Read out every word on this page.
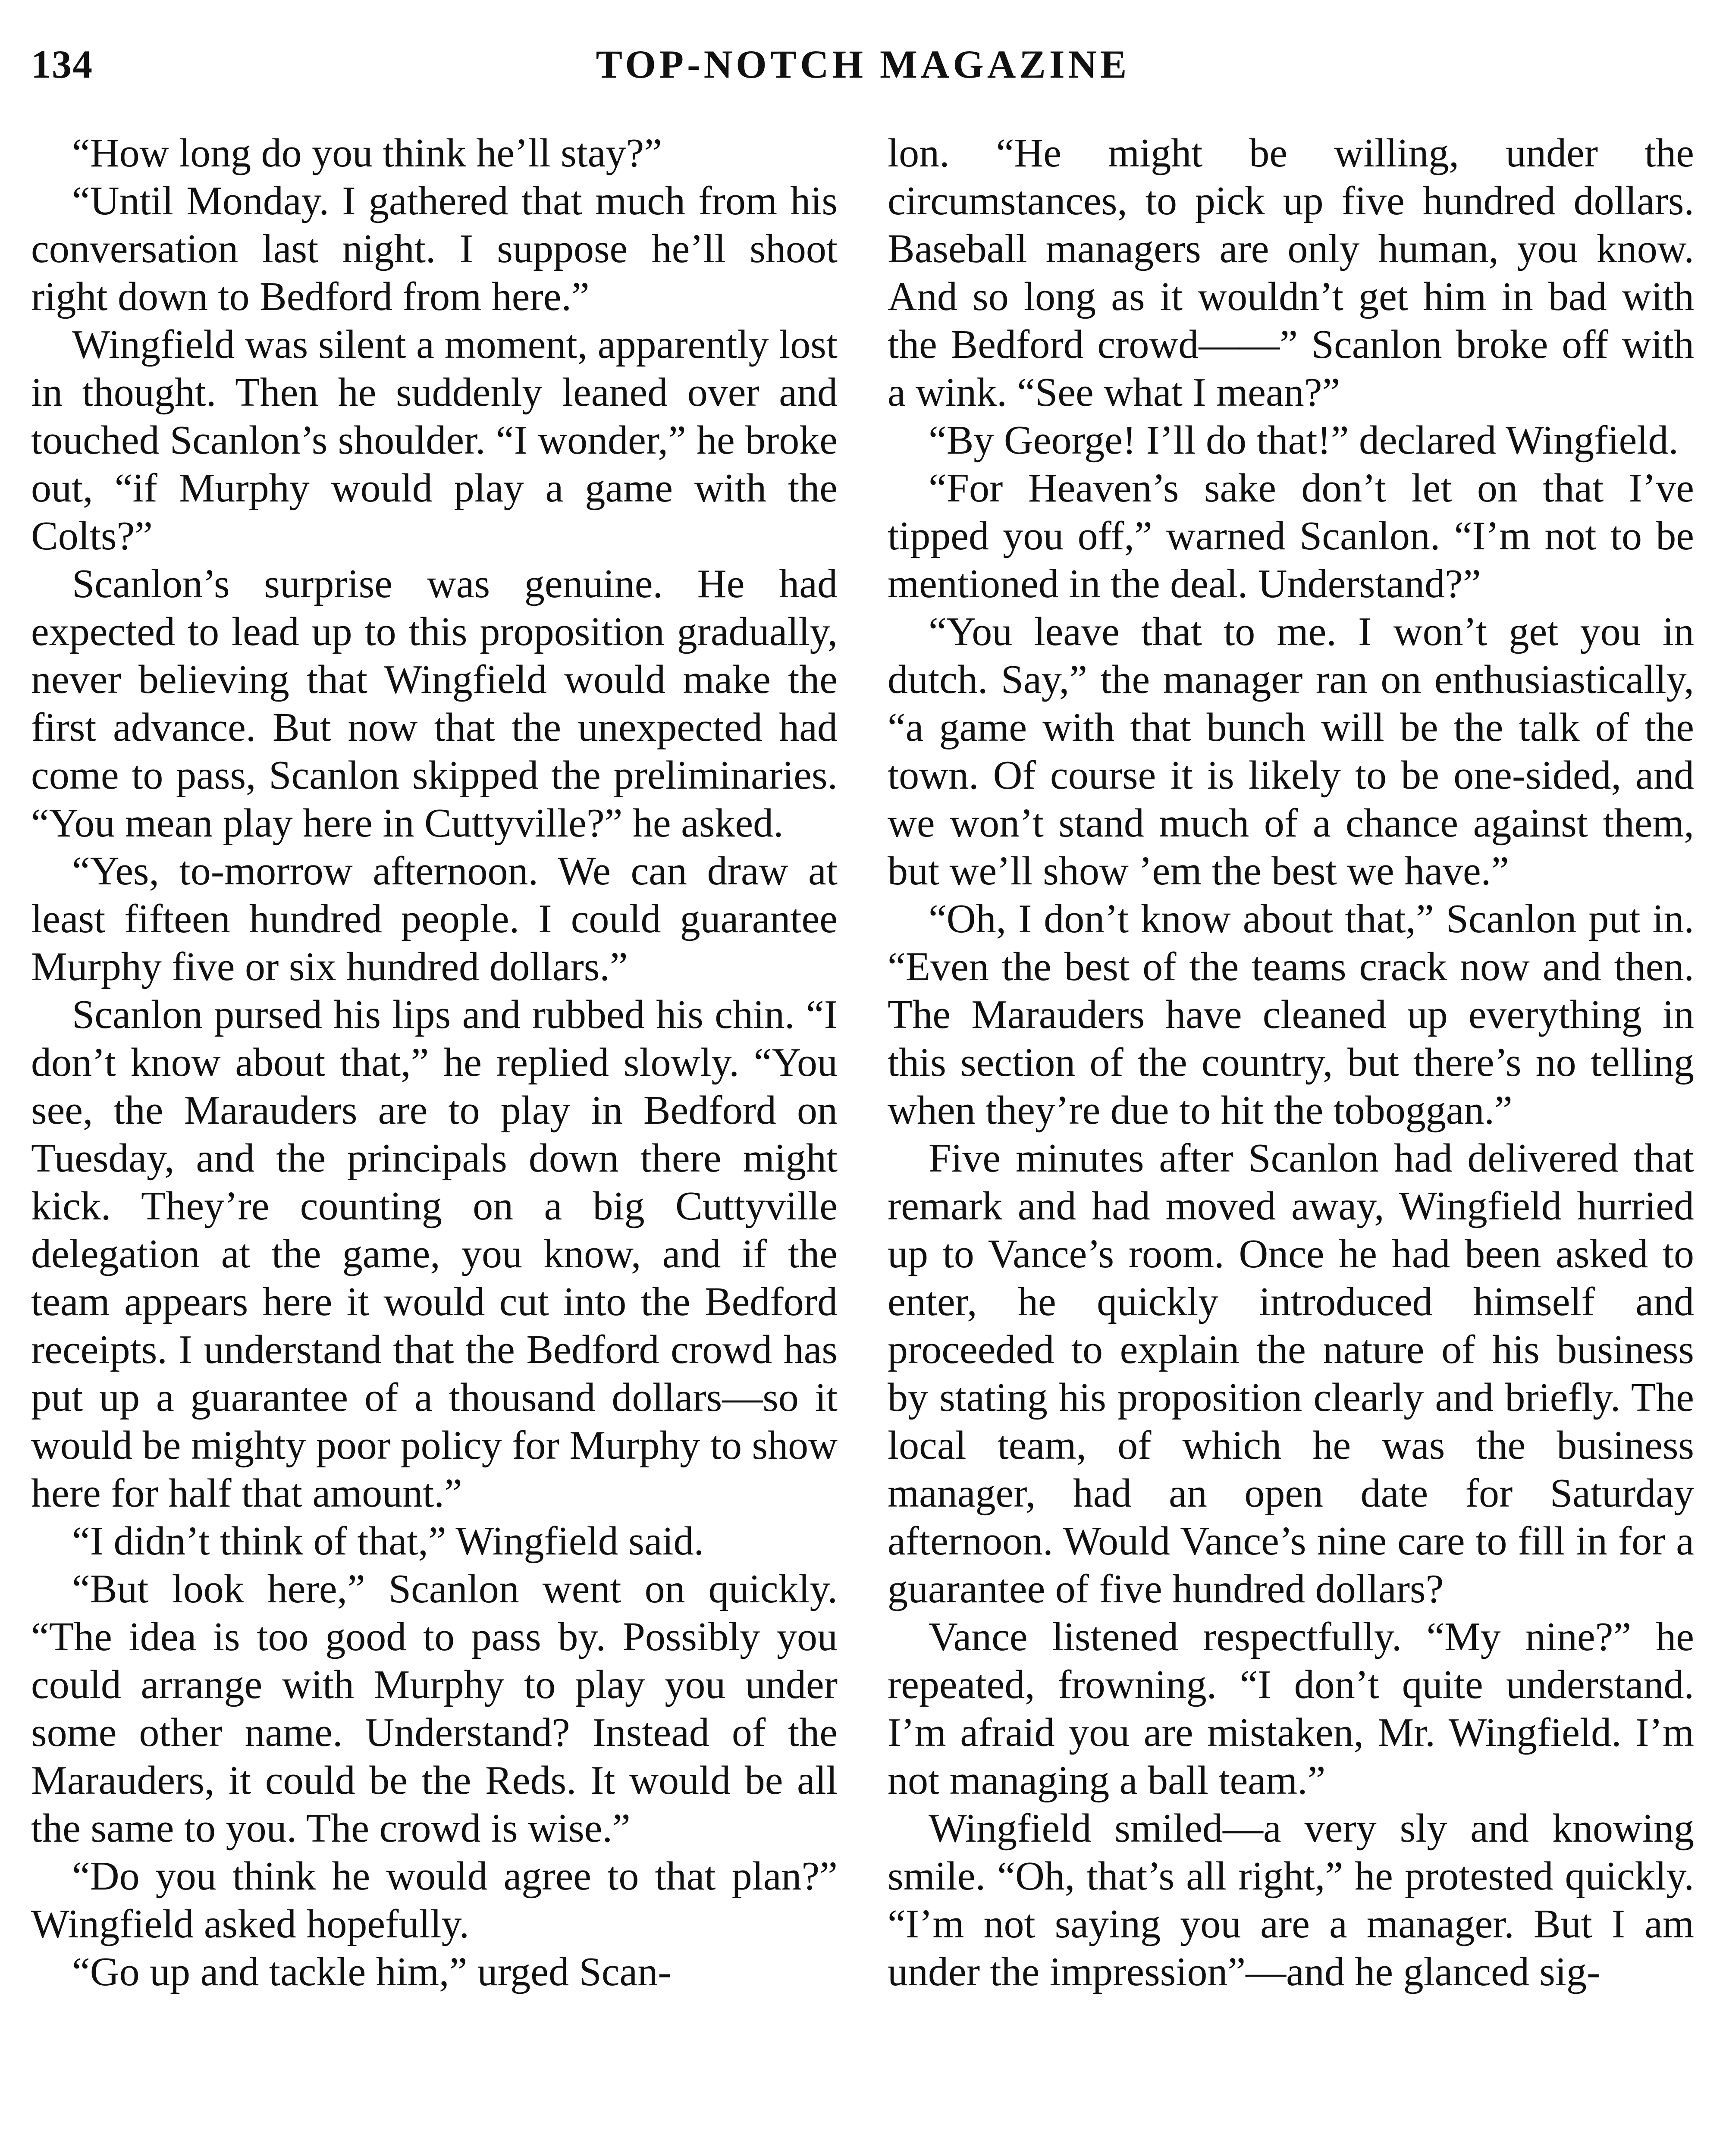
134	TOP-NOTCH MAGAZINE

“How long do you think he’ll stay?”

“Until Monday. I gathered that much from his conversation last night. I suppose he’ll shoot right down to Bedford from here.”

Wingfield was silent a moment, apparently lost in thought. Then he suddenly leaned over and touched Scanlon’s shoulder. “I wonder,” he broke out, “if Murphy would play a game with the Colts?”

Scanlon’s surprise was genuine. He had expected to lead up to this proposition gradually, never believing that Wingfield would make the first advance. But now that the unexpected had come to pass, Scanlon skipped the preliminaries. “You mean play here in Cuttyville?” he asked.

“Yes, to-morrow afternoon. We can draw at least fifteen hundred people. I could guarantee Murphy five or six hundred dollars.”

Scanlon pursed his lips and rubbed his chin. “I don’t know about that,” he replied slowly. “You see, the Marauders are to play in Bedford on Tuesday, and the principals down there might kick. They’re counting on a big Cuttyville delegation at the game, you know, and if the team appears here it would cut into the Bedford receipts. I understand that the Bedford crowd has put up a guarantee of a thousand dollars—so it would be mighty poor policy for Murphy to show here for half that amount.”

“I didn’t think of that,” Wingfield said.

“But look here,” Scanlon went on quickly. “The idea is too good to pass by. Possibly you could arrange with Murphy to play you under some other name. Understand? Instead of the Marauders, it could be the Reds. It would be all the same to you. The crowd is wise.”

“Do you think he would agree to that plan?” Wingfield asked hopefully.

“Go up and tackle him,” urged Scan-

lon. “He might be willing, under the circumstances, to pick up five hundred dollars. Baseball managers are only human, you know. And so long as it wouldn’t get him in bad with the Bedford crowd——” Scanlon broke off with a wink. “See what I mean?”

“By George! I’ll do that!” declared Wingfield.

“For Heaven’s sake don’t let on that I’ve tipped you off,” warned Scanlon. “I’m not to be mentioned in the deal. Understand?”

“You leave that to me. I won’t get you in dutch. Say,” the manager ran on enthusiastically, “a game with that bunch will be the talk of the town. Of course it is likely to be one-sided, and we won’t stand much of a chance against them, but we’ll show ’em the best we have.”

“Oh, I don’t know about that,” Scanlon put in. “Even the best of the teams crack now and then. The Marauders have cleaned up everything in this section of the country, but there’s no telling when they’re due to hit the toboggan.”

Five minutes after Scanlon had delivered that remark and had moved away, Wingfield hurried up to Vance’s room. Once he had been asked to enter, he quickly introduced himself and proceeded to explain the nature of his business by stating his proposition clearly and briefly. The local team, of which he was the business manager, had an open date for Saturday afternoon. Would Vance’s nine care to fill in for a guarantee of five hundred dollars?

Vance listened respectfully. “My nine?” he repeated, frowning. “I don’t quite understand. I’m afraid you are mistaken, Mr. Wingfield. I’m not managing a ball team.”

Wingfield smiled—a very sly and knowing smile. “Oh, that’s all right,” he protested quickly. “I’m not saying you are a manager. But I am under the impression”—and he glanced sig-
